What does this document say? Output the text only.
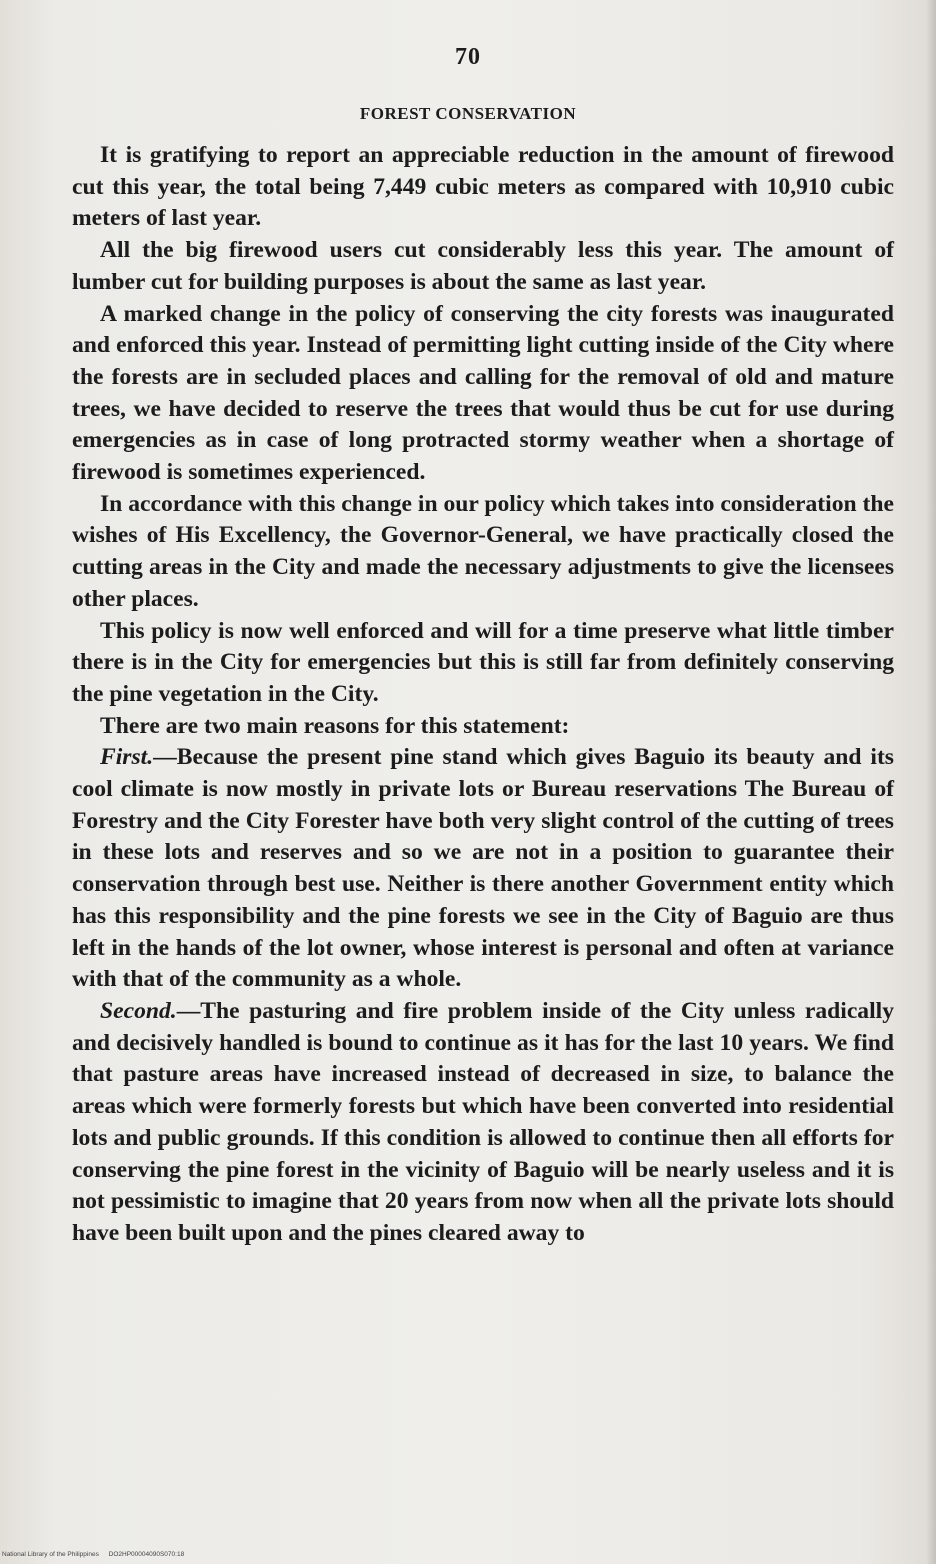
70
FOREST CONSERVATION

It is gratifying to report an appreciable reduction in the amount of firewood cut this year, the total being 7,449 cubic meters as compared with 10,910 cubic meters of last year.

All the big firewood users cut considerably less this year. The amount of lumber cut for building purposes is about the same as last year.

A marked change in the policy of conserving the city forests was inaugurated and enforced this year. Instead of permitting light cutting inside of the City where the forests are in secluded places and calling for the removal of old and mature trees, we have decided to reserve the trees that would thus be cut for use during emergencies as in case of long protracted stormy weather when a shortage of firewood is sometimes experienced.

In accordance with this change in our policy which takes into consideration the wishes of His Excellency, the Governor-General, we have practically closed the cutting areas in the City and made the necessary adjustments to give the licensees other places.

This policy is now well enforced and will for a time preserve what little timber there is in the City for emergencies but this is still far from definitely conserving the pine vegetation in the City.

There are two main reasons for this statement:

First.—Because the present pine stand which gives Baguio its beauty and its cool climate is now mostly in private lots or Bureau reservations The Bureau of Forestry and the City Forester have both very slight control of the cutting of trees in these lots and reserves and so we are not in a position to guarantee their conservation through best use. Neither is there another Government entity which has this responsibility and the pine forests we see in the City of Baguio are thus left in the hands of the lot owner, whose interest is personal and often at variance with that of the community as a whole.

Second.—The pasturing and fire problem inside of the City unless radically and decisively handled is bound to continue as it has for the last 10 years. We find that pasture areas have increased instead of decreased in size, to balance the areas which were formerly forests but which have been converted into residential lots and public grounds. If this condition is allowed to continue then all efforts for conserving the pine forest in the vicinity of Baguio will be nearly useless and it is not pessimistic to imagine that 20 years from now when all the private lots should have been built upon and the pines cleared away to

National Library of the Philippines DO2HP00004090S070:18
